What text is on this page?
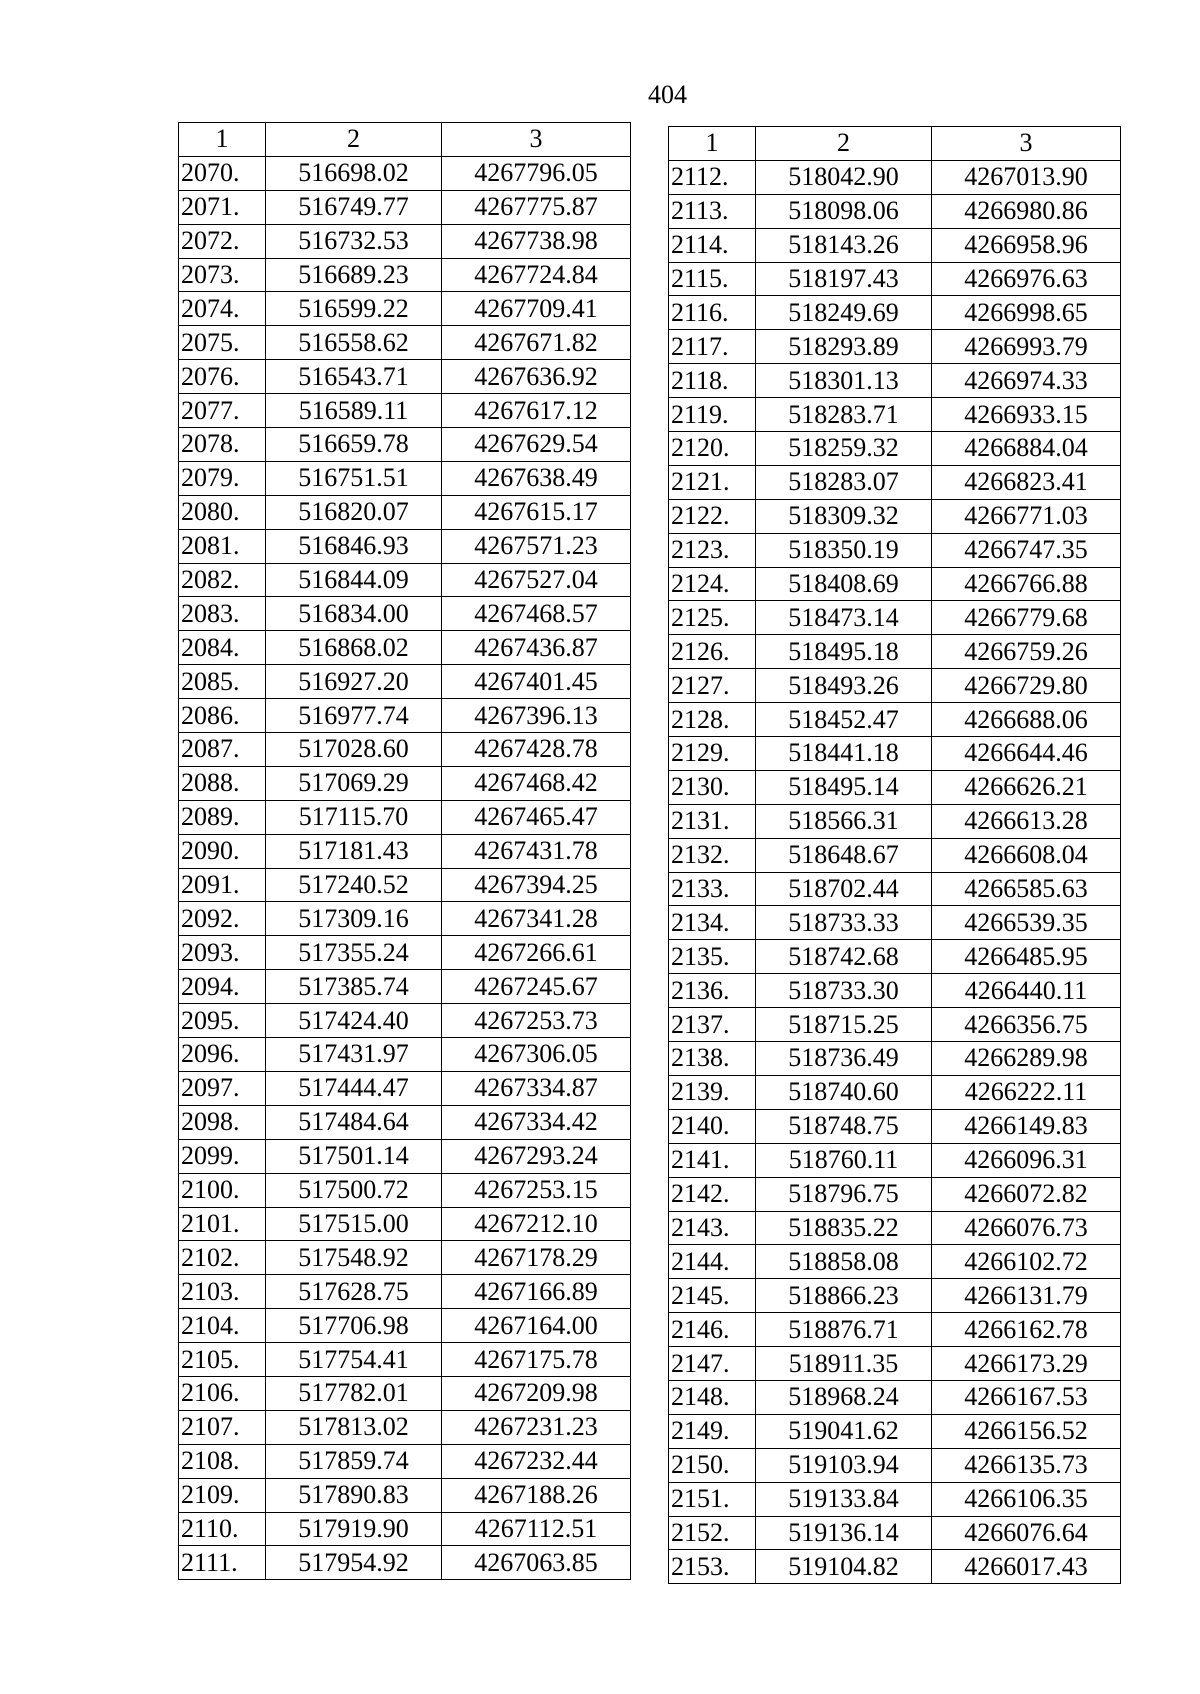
404
1	2	3
2070.	516698.02	4267796.05
2071.	516749.77	4267775.87
2072.	516732.53	4267738.98
2073.	516689.23	4267724.84
2074.	516599.22	4267709.41
2075.	516558.62	4267671.82
2076.	516543.71	4267636.92
2077.	516589.11	4267617.12
2078.	516659.78	4267629.54
2079.	516751.51	4267638.49
2080.	516820.07	4267615.17
2081.	516846.93	4267571.23
2082.	516844.09	4267527.04
2083.	516834.00	4267468.57
2084.	516868.02	4267436.87
2085.	516927.20	4267401.45
2086.	516977.74	4267396.13
2087.	517028.60	4267428.78
2088.	517069.29	4267468.42
2089.	517115.70	4267465.47
2090.	517181.43	4267431.78
2091.	517240.52	4267394.25
2092.	517309.16	4267341.28
2093.	517355.24	4267266.61
2094.	517385.74	4267245.67
2095.	517424.40	4267253.73
2096.	517431.97	4267306.05
2097.	517444.47	4267334.87
2098.	517484.64	4267334.42
2099.	517501.14	4267293.24
2100.	517500.72	4267253.15
2101.	517515.00	4267212.10
2102.	517548.92	4267178.29
2103.	517628.75	4267166.89
2104.	517706.98	4267164.00
2105.	517754.41	4267175.78
2106.	517782.01	4267209.98
2107.	517813.02	4267231.23
2108.	517859.74	4267232.44
2109.	517890.83	4267188.26
2110.	517919.90	4267112.51
2111.	517954.92	4267063.85
1	2	3
2112.	518042.90	4267013.90
2113.	518098.06	4266980.86
2114.	518143.26	4266958.96
2115.	518197.43	4266976.63
2116.	518249.69	4266998.65
2117.	518293.89	4266993.79
2118.	518301.13	4266974.33
2119.	518283.71	4266933.15
2120.	518259.32	4266884.04
2121.	518283.07	4266823.41
2122.	518309.32	4266771.03
2123.	518350.19	4266747.35
2124.	518408.69	4266766.88
2125.	518473.14	4266779.68
2126.	518495.18	4266759.26
2127.	518493.26	4266729.80
2128.	518452.47	4266688.06
2129.	518441.18	4266644.46
2130.	518495.14	4266626.21
2131.	518566.31	4266613.28
2132.	518648.67	4266608.04
2133.	518702.44	4266585.63
2134.	518733.33	4266539.35
2135.	518742.68	4266485.95
2136.	518733.30	4266440.11
2137.	518715.25	4266356.75
2138.	518736.49	4266289.98
2139.	518740.60	4266222.11
2140.	518748.75	4266149.83
2141.	518760.11	4266096.31
2142.	518796.75	4266072.82
2143.	518835.22	4266076.73
2144.	518858.08	4266102.72
2145.	518866.23	4266131.79
2146.	518876.71	4266162.78
2147.	518911.35	4266173.29
2148.	518968.24	4266167.53
2149.	519041.62	4266156.52
2150.	519103.94	4266135.73
2151.	519133.84	4266106.35
2152.	519136.14	4266076.64
2153.	519104.82	4266017.43
